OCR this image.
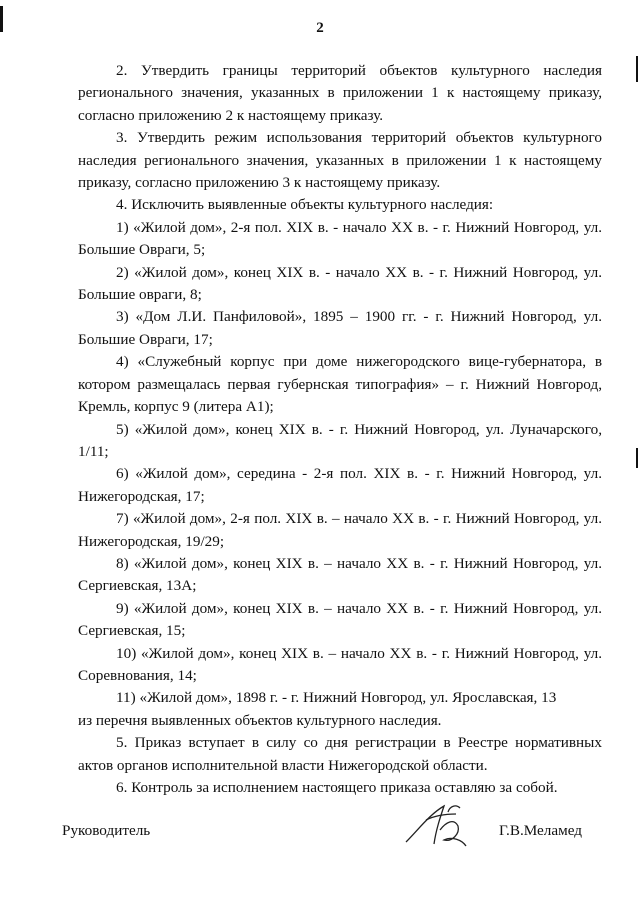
2

2. Утвердить границы территорий объектов культурного наследия регионального значения, указанных в приложении 1 к настоящему приказу, согласно приложению 2 к настоящему приказу.

3. Утвердить режим использования территорий объектов культурного наследия регионального значения, указанных в приложении 1 к настоящему приказу, согласно приложению 3 к настоящему приказу.

4. Исключить выявленные объекты культурного наследия:

1) «Жилой дом», 2-я пол. XIX в. - начало XX в. - г. Нижний Новгород, ул. Большие Овраги, 5;

2) «Жилой дом», конец XIX в. - начало XX в. - г. Нижний Новгород, ул. Большие овраги, 8;

3) «Дом Л.И. Панфиловой», 1895 – 1900 гг. - г. Нижний Новгород, ул. Большие Овраги, 17;

4) «Служебный корпус при доме нижегородского вице-губернатора, в котором размещалась первая губернская типография» – г. Нижний Новгород, Кремль, корпус 9 (литера А1);

5) «Жилой дом», конец XIX в. - г. Нижний Новгород, ул. Луначарского, 1/11;

6) «Жилой дом», середина - 2-я пол. XIX в. - г. Нижний Новгород, ул. Нижегородская, 17;

7) «Жилой дом», 2-я пол. XIX в. – начало XX в. - г. Нижний Новгород, ул. Нижегородская, 19/29;

8) «Жилой дом», конец XIX в. – начало XX в. - г. Нижний Новгород, ул. Сергиевская, 13А;

9) «Жилой дом», конец XIX в. – начало XX в. - г. Нижний Новгород, ул. Сергиевская, 15;

10) «Жилой дом», конец XIX в. – начало XX в. - г. Нижний Новгород, ул. Соревнования, 14;

11) «Жилой дом», 1898 г. - г. Нижний Новгород, ул. Ярославская, 13

из перечня выявленных объектов культурного наследия.

5. Приказ вступает в силу со дня регистрации в Реестре нормативных актов органов исполнительной власти Нижегородской области.

6. Контроль за исполнением настоящего приказа оставляю за собой.

Руководитель	Г.В.Меламед
